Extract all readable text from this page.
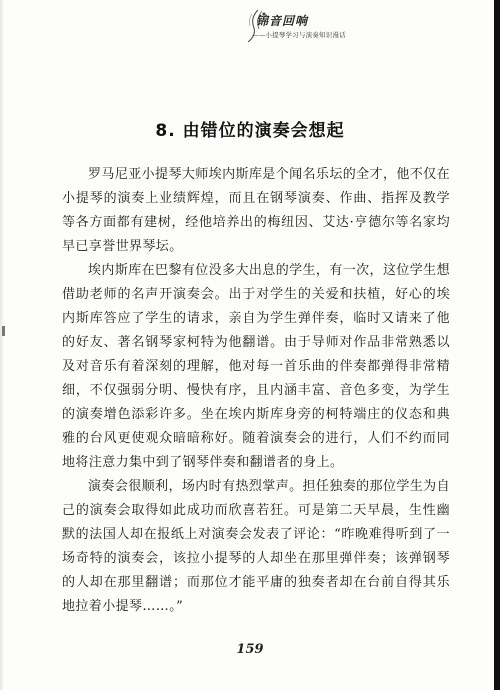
锦音回响
——小提琴学习与演奏知识漫话
8. 由错位的演奏会想起

罗马尼亚小提琴大师埃内斯库是个闻名乐坛的全才，他不仅在小提琴的演奏上业绩辉煌，而且在钢琴演奏、作曲、指挥及教学等各方面都有建树，经他培养出的梅纽因、艾达·亨德尔等名家均早已享誉世界琴坛。

埃内斯库在巴黎有位没多大出息的学生，有一次，这位学生想借助老师的名声开演奏会。出于对学生的关爱和扶植，好心的埃内斯库答应了学生的请求，亲自为学生弹伴奏，临时又请来了他的好友、著名钢琴家柯特为他翻谱。由于导师对作品非常熟悉以及对音乐有着深刻的理解，他对每一首乐曲的伴奏都弹得非常精细，不仅强弱分明、慢快有序，且内涵丰富、音色多变，为学生的演奏增色添彩许多。坐在埃内斯库身旁的柯特端庄的仪态和典雅的台风更使观众暗暗称好。随着演奏会的进行，人们不约而同地将注意力集中到了钢琴伴奏和翻谱者的身上。

演奏会很顺利，场内时有热烈掌声。担任独奏的那位学生为自己的演奏会取得如此成功而欣喜若狂。可是第二天早晨，生性幽默的法国人却在报纸上对演奏会发表了评论：“昨晚难得听到了一场奇特的演奏会，该拉小提琴的人却坐在那里弹伴奏；该弹钢琴的人却在那里翻谱；而那位才能平庸的独奏者却在台前自得其乐地拉着小提琴……。”

159
